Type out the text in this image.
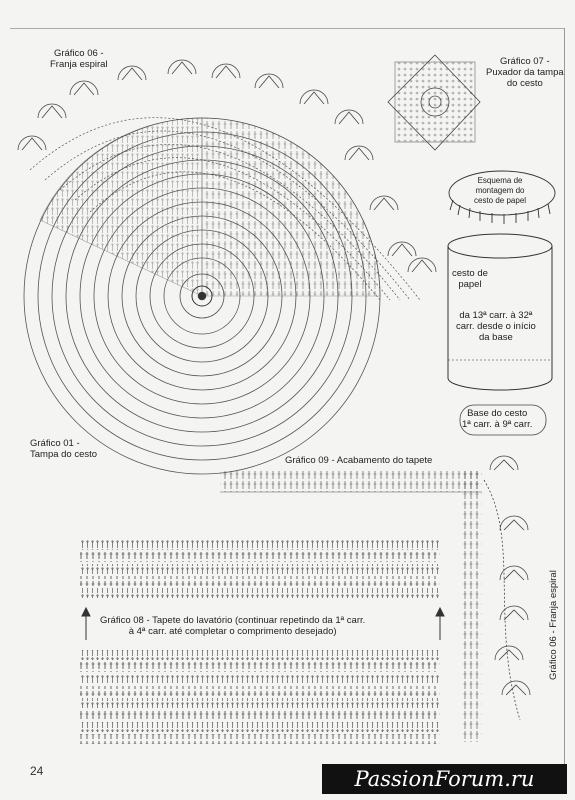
Gráfico 06 -
Franja espiral	Gráfico 07 -
Puxador da tampa
do cesto
Esquema de
montagem do
cesto de papel
cesto de
papel
da 13ª carr. à 32ª
carr. desde o início
da base
Base do cesto
1ª carr. à 9ª carr.
Gráfico 01 -
Tampa do cesto
Gráfico 09 - Acabamento do tapete
Gráfico 08 - Tapete do lavatório (continuar repetindo da 1ª carr.
à 4ª carr. até completar o comprimento desejado)	Gráfico 06 - Franja espiral
24	PassionForum.ru
